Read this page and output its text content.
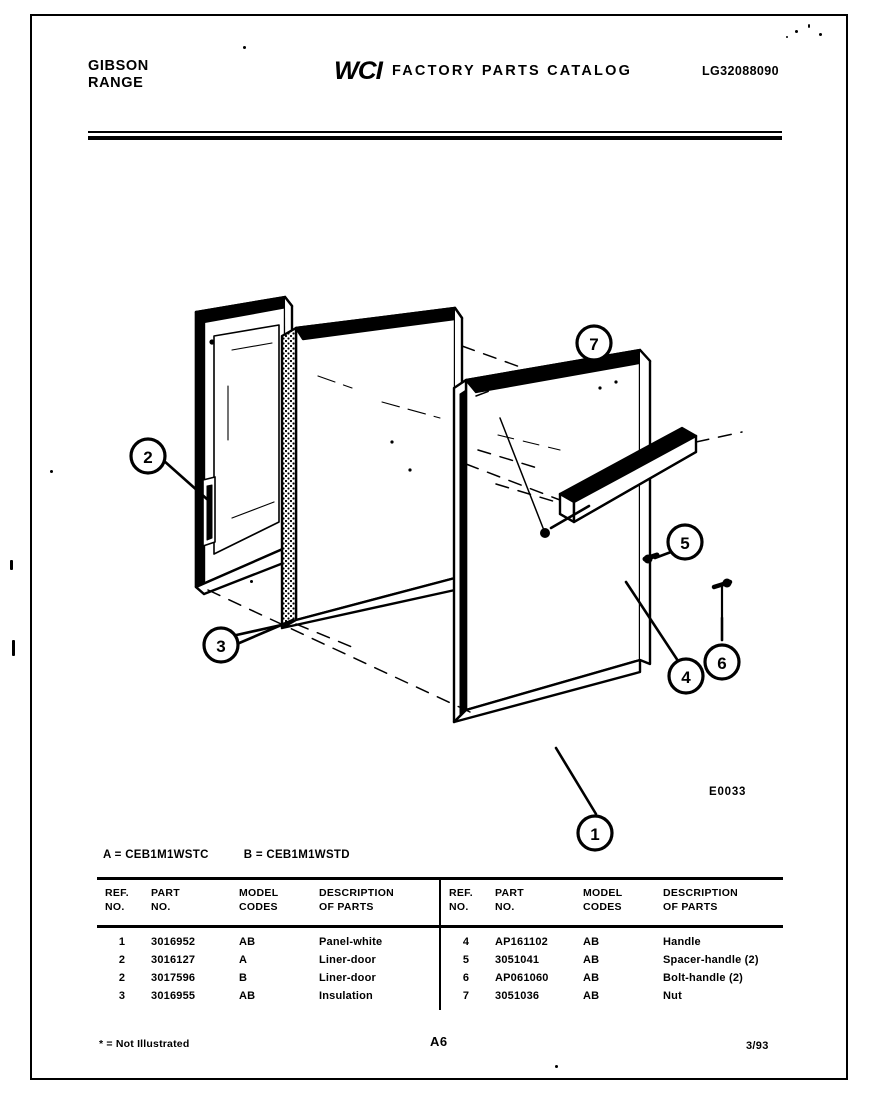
GIBSON
RANGE	WCI FACTORY PARTS CATALOG	LG32088090
1
2
3
4
5
6
7
E0033
A = CEB1M1WSTC	B = CEB1M1WSTD
REF.
NO.
PART
NO.
MODEL
CODES
DESCRIPTION
OF PARTS
1	3016952	AB	Panel-white
2	3016127	A	Liner-door
2	3017596	B	Liner-door
3	3016955	AB	Insulation
REF.
NO.
PART
NO.
MODEL
CODES
DESCRIPTION
OF PARTS
4	AP161102	AB	Handle
5	3051041	AB	Spacer-handle (2)
6	AP061060	AB	Bolt-handle (2)
7	3051036	AB	Nut
* = Not Illustrated	A6	3/93
